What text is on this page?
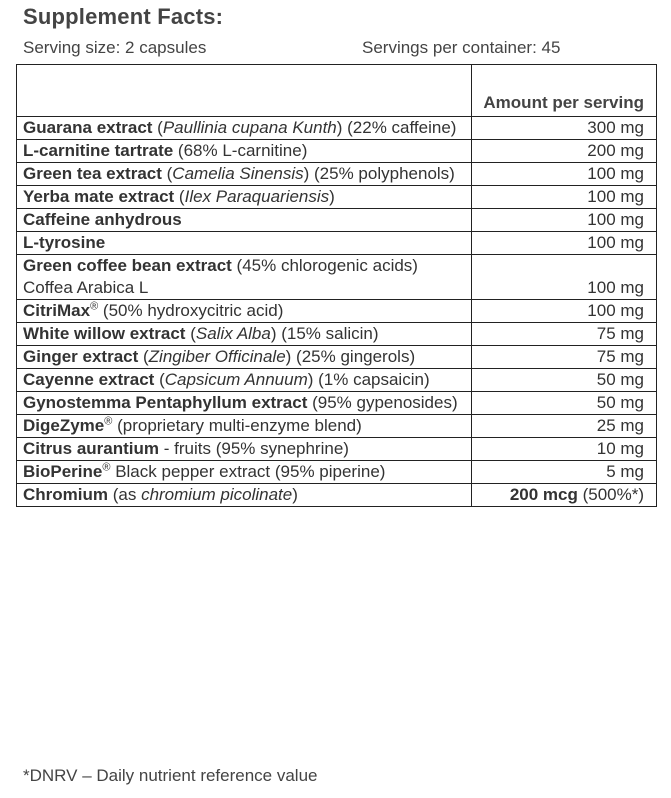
Supplement Facts:
Serving size: 2 capsules	Servings per container: 45
	Amount per serving
Guarana extract (Paullinia cupana Kunth) (22% caffeine)	300 mg
L-carnitine tartrate (68% L-carnitine)	200 mg
Green tea extract (Camelia Sinensis) (25% polyphenols)	100 mg
Yerba mate extract (Ilex Paraquariensis)	100 mg
Caffeine anhydrous	100 mg
L-tyrosine	100 mg
Green coffee bean extract (45% chlorogenic acids)
Coffea Arabica L	100 mg
CitriMax® (50% hydroxycitric acid)	100 mg
White willow extract (Salix Alba) (15% salicin)	75 mg
Ginger extract (Zingiber Officinale) (25% gingerols)	75 mg
Cayenne extract (Capsicum Annuum) (1% capsaicin)	50 mg
Gynostemma Pentaphyllum extract (95% gypenosides)	50 mg
DigeZyme® (proprietary multi-enzyme blend)	25 mg
Citrus aurantium - fruits (95% synephrine)	10 mg
BioPerine® Black pepper extract (95% piperine)	5 mg
Chromium (as chromium picolinate)	200 mcg (500%*)
*DNRV – Daily nutrient reference value
